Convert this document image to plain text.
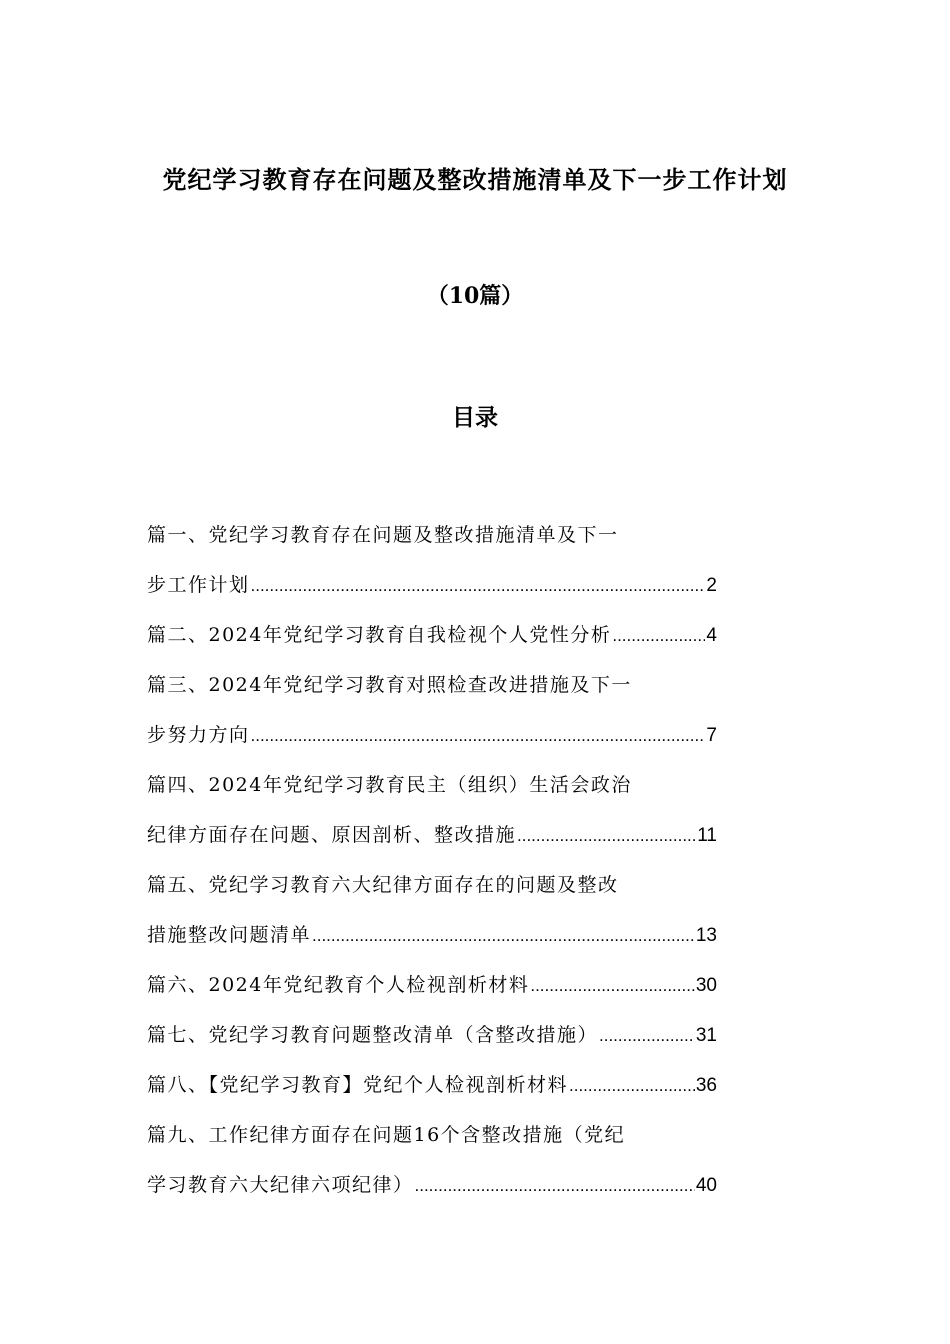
党纪学习教育存在问题及整改措施清单及下一步工作计划
（10篇）
目录
篇一、党纪学习教育存在问题及整改措施清单及下一
步工作计划 .....	2
篇二、2024年党纪学习教育自我检视个人党性分析 .....	4
篇三、2024年党纪学习教育对照检查改进措施及下一
步努力方向 .....	7
篇四、2024年党纪学习教育民主（组织）生活会政治
纪律方面存在问题、原因剖析、整改措施 .....	11
篇五、党纪学习教育六大纪律方面存在的问题及整改
措施整改问题清单 .....	13
篇六、2024年党纪教育个人检视剖析材料 .....	30
篇七、党纪学习教育问题整改清单（含整改措施） .....	31
篇八、【党纪学习教育】党纪个人检视剖析材料 .....	36
篇九、工作纪律方面存在问题16个含整改措施（党纪
学习教育六大纪律六项纪律） .....	40
